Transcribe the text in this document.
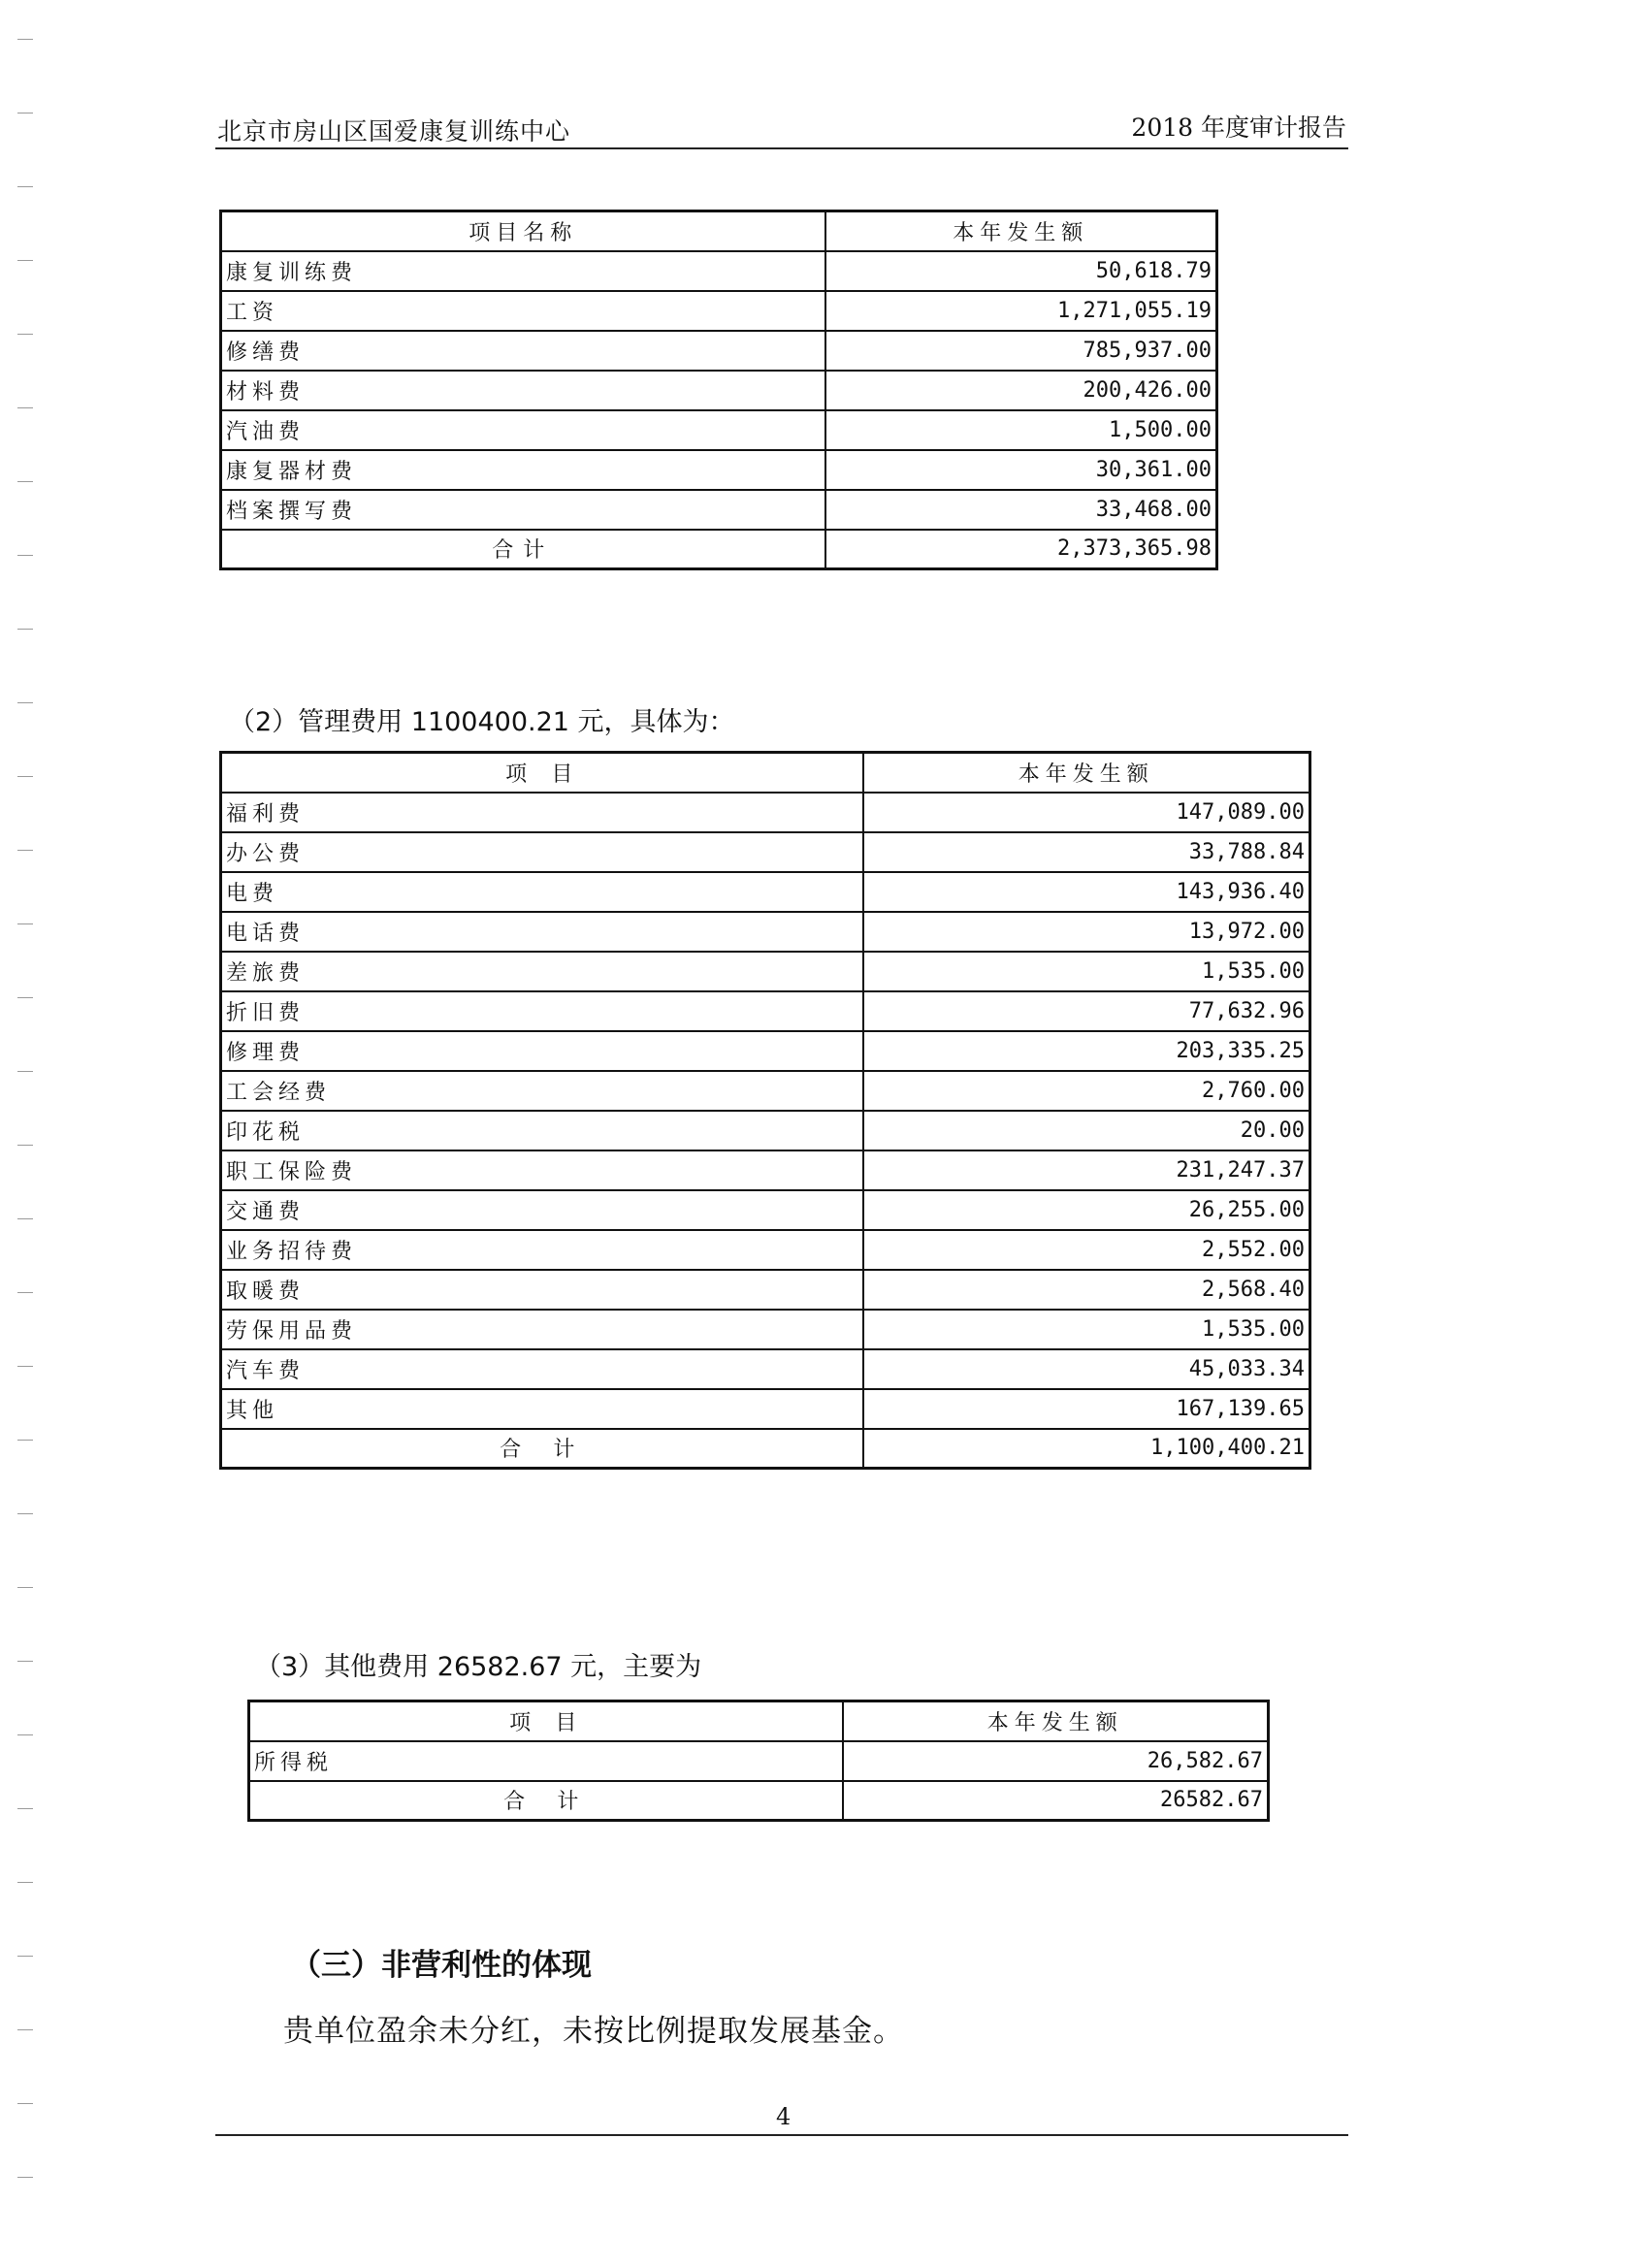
北京市房山区国爱康复训练中心	2018 年度审计报告
项目名称	本年发生额
康复训练费	50,618.79
工资	1,271,055.19
修缮费	785,937.00
材料费	200,426.00
汽油费	1,500.00
康复器材费	30,361.00
档案撰写费	33,468.00
合计	2,373,365.98
（2）管理费用 1100400.21 元，具体为：
项 目	本年发生额
福利费	147,089.00
办公费	33,788.84
电费	143,936.40
电话费	13,972.00
差旅费	1,535.00
折旧费	77,632.96
修理费	203,335.25
工会经费	2,760.00
印花税	20.00
职工保险费	231,247.37
交通费	26,255.00
业务招待费	2,552.00
取暖费	2,568.40
劳保用品费	1,535.00
汽车费	45,033.34
其他	167,139.65
合 计	1,100,400.21
（3）其他费用 26582.67 元，主要为
项 目	本年发生额
所得税	26,582.67
合 计	26582.67
（三）非营利性的体现
贵单位盈余未分红，未按比例提取发展基金。
4
